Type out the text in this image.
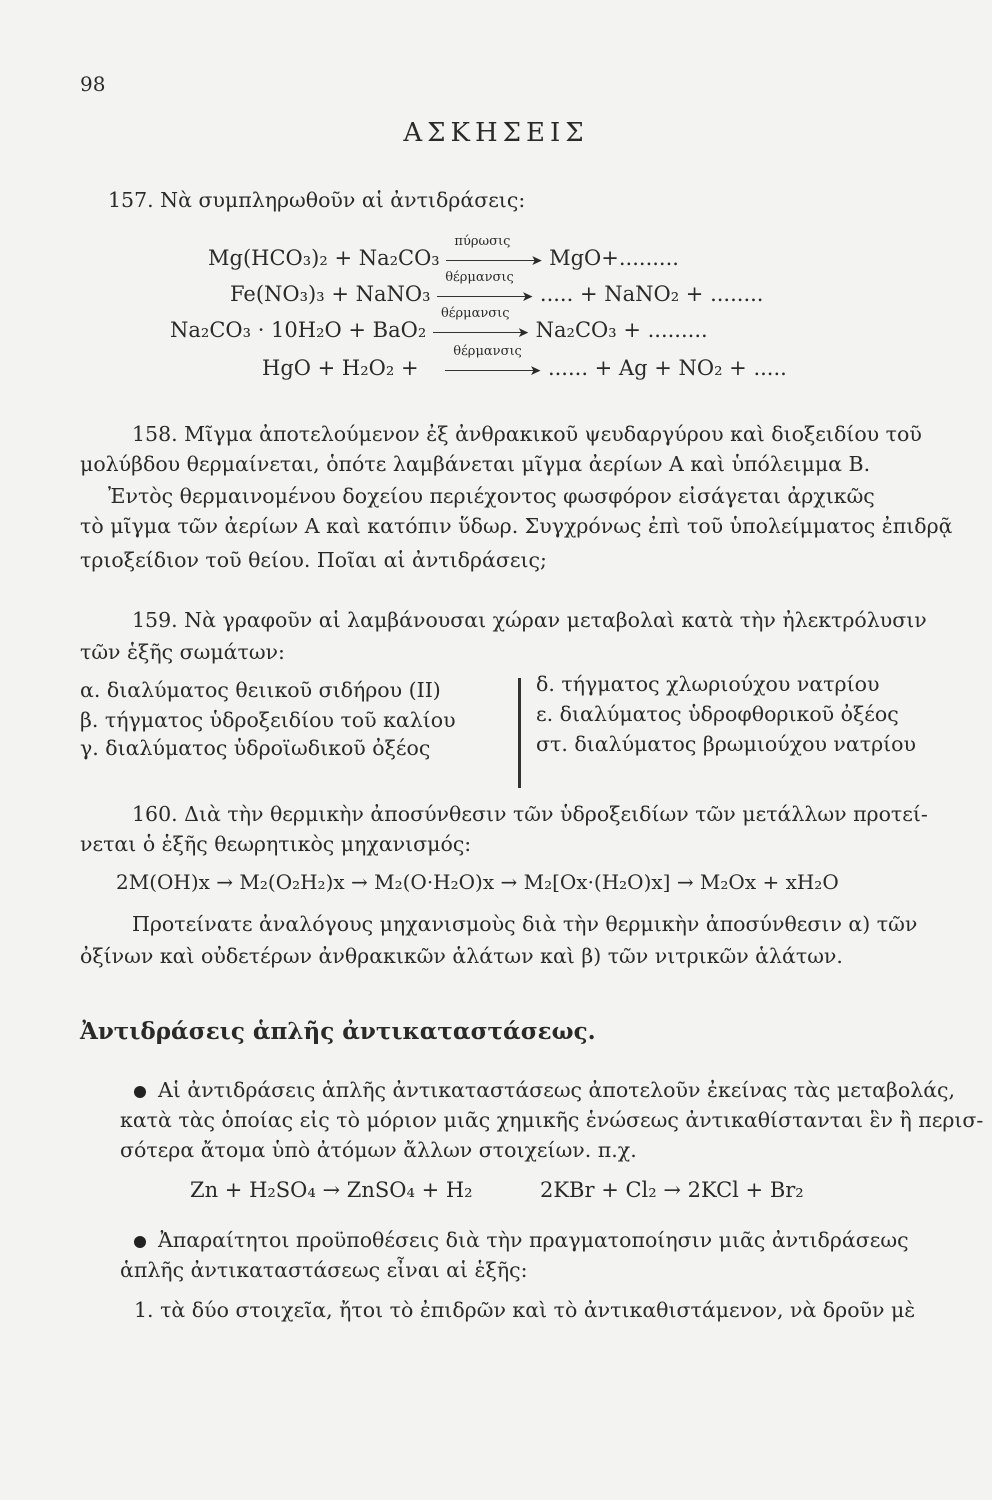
98
ΑΣΚΗΣΕΙΣ
157. Νὰ συμπληρωθοῦν αἱ ἀντιδράσεις:
Mg(HCO₃)₂ + Na₂CO₃
πύρωσις
➤ MgO+.........
Fe(NO₃)₃ + NaNO₃
θέρμανσις
➤ ..... + NaNO₂ + ........
Na₂CO₃ · 10H₂O + BaO₂
θέρμανσις
➤ Na₂CO₃ + .........
HgO + H₂O₂ +
θέρμανσις
➤ ...... + Ag + NO₂ + .....
158. Μῖγμα ἀποτελούμενον ἐξ ἀνθρακικοῦ ψευδαργύρου καὶ διοξειδίου τοῦ
μολύβδου θερμαίνεται, ὁπότε λαμβάνεται μῖγμα ἀερίων Α καὶ ὑπόλειμμα Β.
Ἐντὸς θερμαινομένου δοχείου περιέχοντος φωσφόρον εἰσάγεται ἀρχικῶς
τὸ μῖγμα τῶν ἀερίων Α καὶ κατόπιν ὕδωρ. Συγχρόνως ἐπὶ τοῦ ὑπολείμματος ἐπιδρᾷ
τριοξείδιον τοῦ θείου. Ποῖαι αἱ ἀντιδράσεις;
159. Νὰ γραφοῦν αἱ λαμβάνουσαι χώραν μεταβολαὶ κατὰ τὴν ἠλεκτρόλυσιν
τῶν ἑξῆς σωμάτων:
α. διαλύματος θειικοῦ σιδήρου (ΙΙ)
β. τήγματος ὑδροξειδίου τοῦ καλίου
γ. διαλύματος ὑδροϊωδικοῦ ὀξέος
δ. τήγματος χλωριούχου νατρίου
ε. διαλύματος ὑδροφθορικοῦ ὀξέος
στ. διαλύματος βρωμιούχου νατρίου
160. Διὰ τὴν θερμικὴν ἀπoσύνθεσιν τῶν ὑδροξειδίων τῶν μετάλλων προτεί-
νεται ὁ ἑξῆς θεωρητικὸς μηχανισμός:
2M(OH)x → M₂(O₂H₂)x → M₂(O·H₂O)x → M₂[Ox·(H₂O)x] → M₂Ox + xH₂O
Προτείνατε ἀναλόγους μηχανισμοὺς διὰ τὴν θερμικὴν ἀποσύνθεσιν α) τῶν
ὀξίνων καὶ οὐδετέρων ἀνθρακικῶν ἁλάτων καὶ β) τῶν νιτρικῶν ἁλάτων.
Ἀντιδράσεις ἁπλῆς ἀντικαταστάσεως.
Αἱ ἀντιδράσεις ἁπλῆς ἀντικαταστάσεως ἀποτελοῦν ἐκείνας τὰς μεταβολάς,
κατὰ τὰς ὁποίας εἰς τὸ μόριον μιᾶς χημικῆς ἑνώσεως ἀντικαθίστανται ἓν ἢ περισ-
σότερα ἄτομα ὑπὸ ἀτόμων ἄλλων στοιχείων. π.χ.
Zn + H₂SO₄ → ZnSO₄ + H₂	2KBr + Cl₂ → 2KCl + Br₂
Ἀπαραίτητοι προϋποθέσεις διὰ τὴν πραγματοποίησιν μιᾶς ἀντιδράσεως
ἁπλῆς ἀντικαταστάσεως εἶναι αἱ ἑξῆς:
1. τὰ δύο στοιχεῖα, ἤτοι τὸ ἐπιδρῶν καὶ τὸ ἀντικαθιστάμενον, νὰ δροῦν μὲ
